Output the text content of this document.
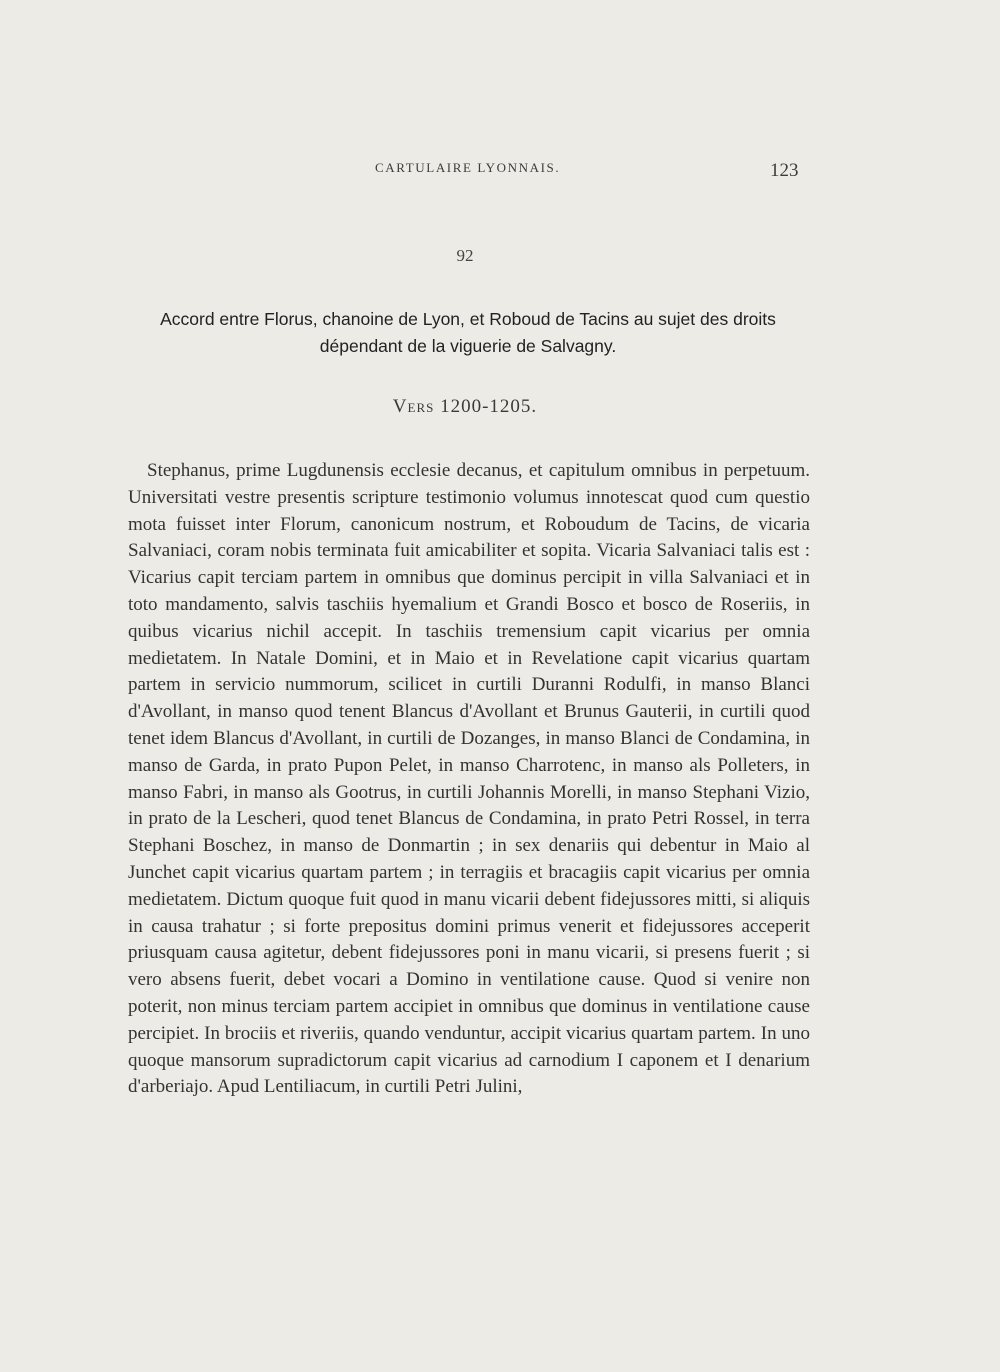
CARTULAIRE LYONNAIS.	123
92
Accord entre Florus, chanoine de Lyon, et Roboud de Tacins au sujet des droits dépendant de la viguerie de Salvagny.
Vers 1200-1205.

Stephanus, prime Lugdunensis ecclesie decanus, et capitulum omnibus in perpetuum. Universitati vestre presentis scripture testimonio volumus innotescat quod cum questio mota fuisset inter Florum, canonicum nostrum, et Roboudum de Tacins, de vicaria Salvaniaci, coram nobis terminata fuit amicabiliter et sopita. Vicaria Salvaniaci talis est : Vicarius capit terciam partem in omnibus que dominus percipit in villa Salvaniaci et in toto mandamento, salvis taschiis hyemalium et Grandi Bosco et bosco de Roseriis, in quibus vicarius nichil accepit. In taschiis tremensium capit vicarius per omnia medietatem. In Natale Domini, et in Maio et in Revelatione capit vicarius quartam partem in servicio nummorum, scilicet in curtili Duranni Rodulfi, in manso Blanci d'Avollant, in manso quod tenent Blancus d'Avollant et Brunus Gauterii, in curtili quod tenet idem Blancus d'Avollant, in curtili de Dozanges, in manso Blanci de Condamina, in manso de Garda, in prato Pupon Pelet, in manso Charrotenc, in manso als Polleters, in manso Fabri, in manso als Gootrus, in curtili Johannis Morelli, in manso Stephani Vizio, in prato de la Lescheri, quod tenet Blancus de Condamina, in prato Petri Rossel, in terra Stephani Boschez, in manso de Donmartin ; in sex denariis qui debentur in Maio al Junchet capit vicarius quartam partem ; in terragiis et bracagiis capit vicarius per omnia medietatem. Dictum quoque fuit quod in manu vicarii debent fidejussores mitti, si aliquis in causa trahatur ; si forte prepositus domini primus venerit et fidejussores acceperit priusquam causa agitetur, debent fidejussores poni in manu vicarii, si presens fuerit ; si vero absens fuerit, debet vocari a Domino in ventilatione cause. Quod si venire non poterit, non minus terciam partem accipiet in omnibus que dominus in ventilatione cause percipiet. In brociis et riveriis, quando venduntur, accipit vicarius quartam partem. In uno quoque mansorum supradictorum capit vicarius ad carnodium I caponem et I denarium d'arberiajo. Apud Lentiliacum, in curtili Petri Julini,
